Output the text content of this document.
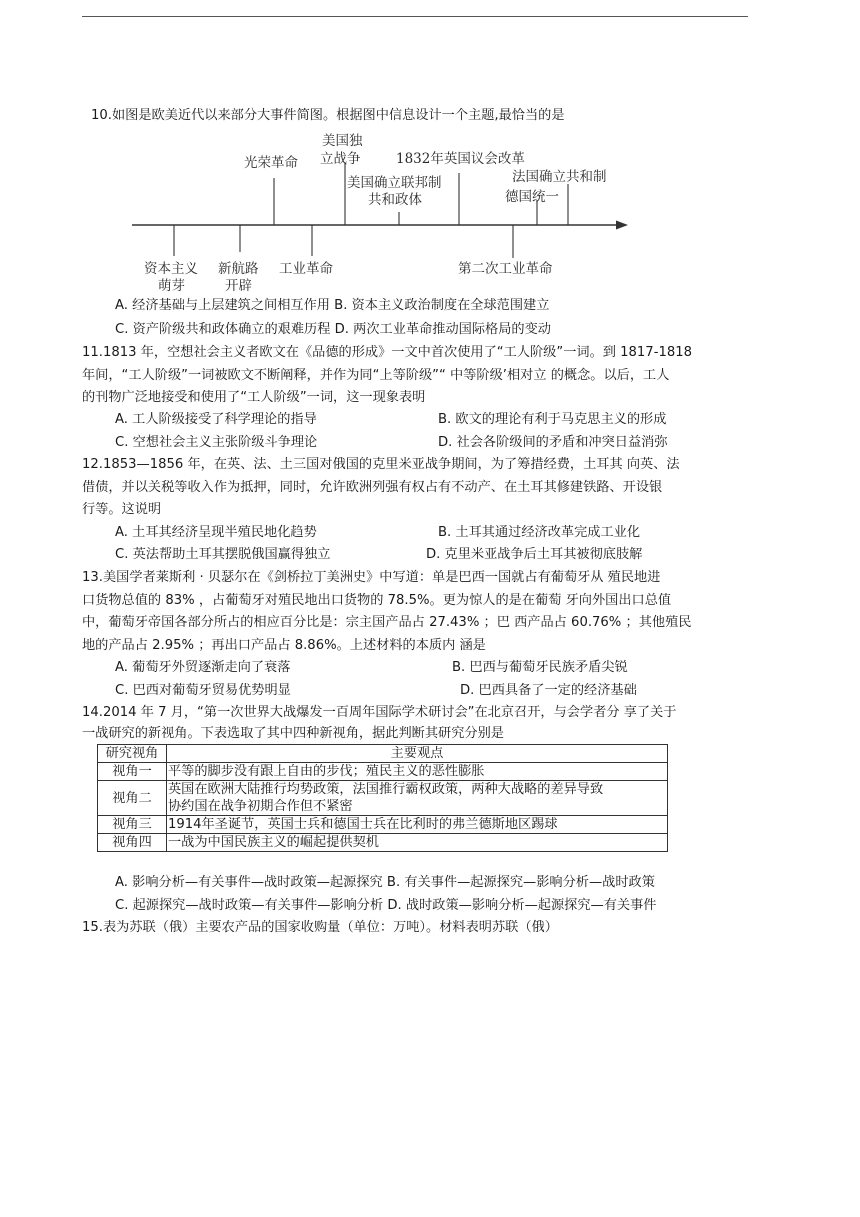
10.如图是欧美近代以来部分大事件简图。根据图中信息设计一个主题,最恰当的是
光荣革命
美国独
立战争	1832年英国议会改革
美国确立联邦制
共和政体
法国确立共和制
德国统一
资本主义
萌芽
新航路
开辟
工业革命	第二次工业革命
A. 经济基础与上层建筑之间相互作用 B. 资本主义政治制度在全球范围建立
C. 资产阶级共和政体确立的艰难历程 D. 两次工业革命推动国际格局的变动
11.1813 年，空想社会主义者欧文在《品德的形成》一文中首次使用了“工人阶级”一词。到 1817-1818
年间，“工人阶级”一词被欧文不断阐释，并作为同“上等阶级”“ 中等阶级’相对立 的概念。以后，工人
的刊物广泛地接受和使用了“工人阶级”一词，这一现象表明
A. 工人阶级接受了科学理论的指导	B. 欧文的理论有利于马克思主义的形成
C. 空想社会主义主张阶级斗争理论	D. 社会各阶级间的矛盾和冲突日益消弥
12.1853—1856 年，在英、法、土三国对俄国的克里米亚战争期间，为了筹措经费，土耳其 向英、法
借债，并以关税等收入作为抵押，同时，允许欧洲列强有权占有不动产、在土耳其修建铁路、开设银
行等。这说明
A. 土耳其经济呈现半殖民地化趋势	B. 土耳其通过经济改革完成工业化
C. 英法帮助土耳其摆脱俄国赢得独立	D. 克里米亚战争后土耳其被彻底肢解
13.美国学者莱斯利 · 贝瑟尔在《剑桥拉丁美洲史》中写道：单是巴西一国就占有葡萄牙从 殖民地进
口货物总值的 83% ，占葡萄牙对殖民地出口货物的 78.5%。更为惊人的是在葡萄 牙向外国出口总值
中，葡萄牙帝国各部分所占的相应百分比是：宗主国产品占 27.43% ；巴 西产品占 60.76% ；其他殖民
地的产品占 2.95% ；再出口产品占 8.86%。上述材料的本质内 涵是
A. 葡萄牙外贸逐渐走向了衰落	B. 巴西与葡萄牙民族矛盾尖锐
C. 巴西对葡萄牙贸易优势明显	D. 巴西具备了一定的经济基础
14.2014 年 7 月，“第一次世界大战爆发一百周年国际学术研讨会”在北京召开，与会学者分 享了关于
一战研究的新视角。下表选取了其中四种新视角，据此判断其研究分别是
研究视角	主要观点
视角一	平等的脚步没有跟上自由的步伐；殖民主义的恶性膨胀
视角二	英国在欧洲大陆推行均势政策，法国推行霸权政策，两种大战略的差异导致
协约国在战争初期合作但不紧密

视角三	1914年圣诞节，英国士兵和德国士兵在比利时的弗兰德斯地区踢球
视角四	一战为中国民族主义的崛起提供契机
A. 影响分析—有关事件—战时政策—起源探究 B. 有关事件—起源探究—影响分析—战时政策
C. 起源探究—战时政策—有关事件—影响分析 D. 战时政策—影响分析—起源探究—有关事件
15.表为苏联（俄）主要农产品的国家收购量（单位：万吨）。材料表明苏联（俄）
